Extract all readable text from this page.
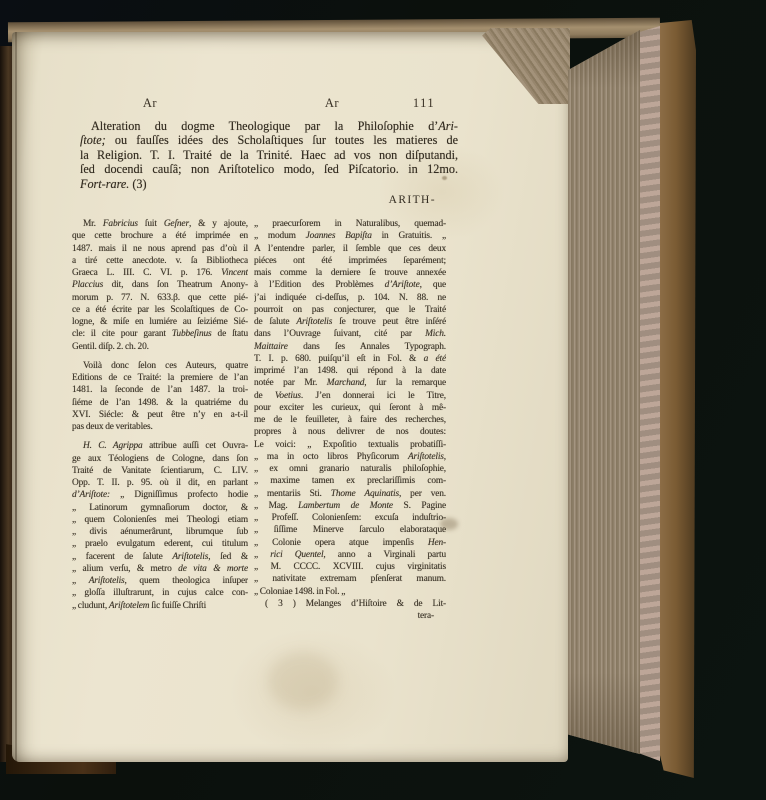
Ar	Ar	111
Alteration du dogme Theologique par la Philoſophie d’Ari-
ſtote; ou fauſſes idées des Scholaſtiques ſur toutes les matieres de
la Religion. T. I. Traité de la Trinité. Haec ad vos non diſputandi,
ſed docendi cauſâ; non Ariſtotelico modo, ſed Piſcatorio. in 12mo.
Fort-rare. (3)
ARITH-
Mr. Fabricius ſuit Geſner, & y ajoute,
que cette brochure a été imprimée en
1487. mais il ne nous aprend pas d’où il
a tiré cette anecdote. v. ſa Bibliotheca
Graeca L. III. C. VI. p. 176. Vincent
Placcius dit, dans ſon Theatrum Anony-
morum p. 77. N. 633.β. que cette pié-
ce a été écrite par les Scolaſtiques de Co-
logne, & miſe en lumiére au ſeiziéme Sié-
cle: il cite pour garant Tubbeſinus de ſtatu
Gentil. diſp. 2. ch. 20.
Voilà donc ſelon ces Auteurs, quatre
Editions de ce Traité: la premiere de l’an
1481. la ſeconde de l’an 1487. la troi-
ſiéme de l’an 1498. & la quatriéme du
XVI. Siécle: & peut être n’y en a-t-il
pas deux de veritables.
H. C. Agrippa attribue auſſi cet Ouvra-
ge aux Téologiens de Cologne, dans ſon
Traité de Vanitate ſcientiarum, C. LIV.
Opp. T. II. p. 95. où il dit, en parlant
d’Ariſtote: „ Digniſſimus profecto hodie
„ Latinorum gymnaſiorum doctor, &
„ quem Colonienſes mei Theologi etiam
„ divis aénumerârunt, librumque ſub
„ praelo evulgatum ederent, cui titulum
„ facerent de ſalute Ariſtotelis, ſed &
„ alium verſu, & metro de vita & morte
„ Ariſtotelis, quem theologica inſuper
„ gloſſa illuſtrarunt, in cujus calce con-
„ cludunt, Ariſtotelem ſic fuiſſe Chriſti
„ praecurſorem in Naturalibus, quemad-
„ modum Joannes Bapiſta in Gratuitis. „
A l’entendre parler, il ſemble que ces deux
piéces ont été imprimées ſeparément;
mais comme la derniere ſe trouve annexée
à l’Edition des Problèmes d’Ariſtote, que
j’ai indiquée ci-deſſus, p. 104. N. 88. ne
pourroit on pas conjecturer, que le Traité
de ſalute Ariſtotelis ſe trouve peut être inſéré
dans l’Ouvrage ſuivant, cité par Mich.
Maittaire dans ſes Annales Typograph.
T. I. p. 680. puiſqu’il eſt in Fol. & a été
imprimé l’an 1498. qui répond à la date
notée par Mr. Marchand, ſur la remarque
de Voetius. J’en donnerai ici le Titre,
pour exciter les curieux, qui ſeront à mê-
me de le feuilleter, à faire des recherches,
propres à nous delivrer de nos doutes:
Le voici: „ Expoſitio textualis probatiſſi-
„ ma in octo libros Phyſicorum Ariſtotelis,
„ ex omni granario naturalis philoſophie,
„ maxime tamen ex preclariſſimis com-
„ mentariis Sti. Thome Aquinatis, per ven.
„ Mag. Lambertum de Monte S. Pagine
„ Profeſſ. Colonienſem: excuſa induſtrio-
„ ſiſſime Minerve ſarculo elaborataque
„ Colonie opera atque impenſis Hen-
„ rici Quentel, anno a Virginali partu
„ M. CCCC. XCVIII. cujus virginitatis
„ nativitate extremam pſenſerat manum.
„ Coloniae 1498. in Fol. „
( 3 ) Melanges d’Hiſtoire & de Lit-
tera-
